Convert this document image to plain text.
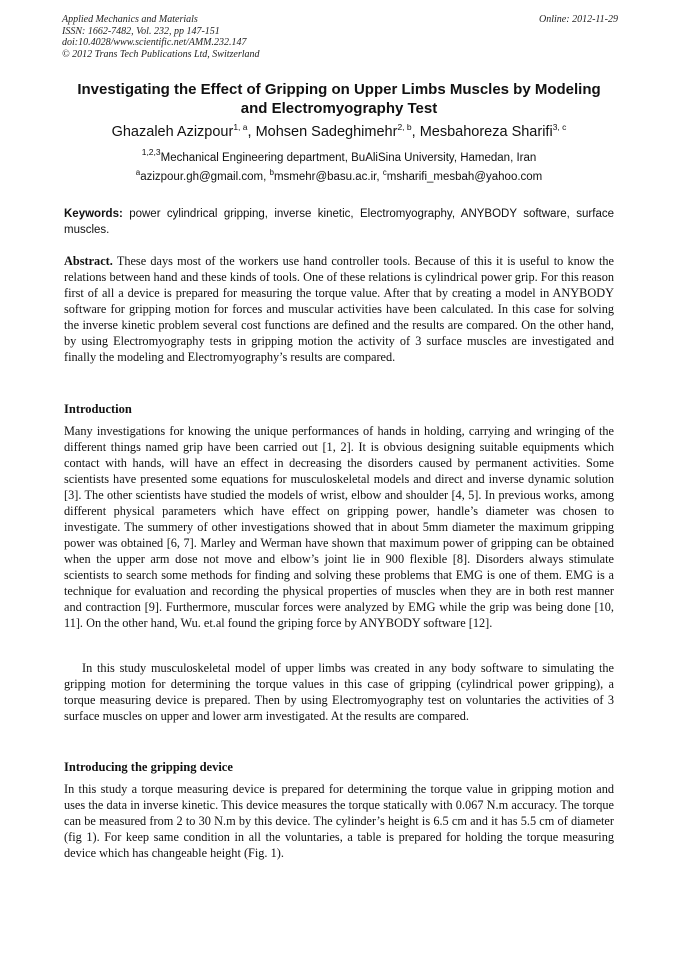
Applied Mechanics and Materials
ISSN: 1662-7482, Vol. 232, pp 147-151
doi:10.4028/www.scientific.net/AMM.232.147
© 2012 Trans Tech Publications Ltd, Switzerland
Online: 2012-11-29
Investigating the Effect of Gripping on Upper Limbs Muscles by Modeling and Electromyography Test
Ghazaleh Azizpour$^{1, a}$, Mohsen Sadeghimehr$^{2, b}$, Mesbahoreza Sharifi$^{3, c}$
$^{1,2,3}$Mechanical Engineering department, BuAliSina University, Hamedan, Iran
$^a$azizpour.gh@gmail.com, $^b$msmehr@basu.ac.ir, $^c$msharifi_mesbah@yahoo.com
Keywords: power cylindrical gripping, inverse kinetic, Electromyography, ANYBODY software, surface muscles.
Abstract. These days most of the workers use hand controller tools. Because of this it is useful to know the relations between hand and these kinds of tools. One of these relations is cylindrical power grip. For this reason first of all a device is prepared for measuring the torque value. After that by creating a model in ANYBODY software for gripping motion for forces and muscular activities have been calculated. In this case for solving the inverse kinetic problem several cost functions are defined and the results are compared. On the other hand, by using Electromyography tests in gripping motion the activity of 3 surface muscles are investigated and finally the modeling and Electromyography’s results are compared.
Introduction
Many investigations for knowing the unique performances of hands in holding, carrying and wringing of the different things named grip have been carried out [1, 2]. It is obvious designing suitable equipments which contact with hands, will have an effect in decreasing the disorders caused by permanent activities. Some scientists have presented some equations for musculoskeletal models and direct and inverse dynamic solution [3]. The other scientists have studied the models of wrist, elbow and shoulder [4, 5]. In previous works, among different physical parameters which have effect on gripping power, handle’s diameter was chosen to investigate. The summery of other investigations showed that in about 5mm diameter the maximum gripping power was obtained [6, 7]. Marley and Werman have shown that maximum power of gripping can be obtained when the upper arm dose not move and elbow’s joint lie in 900 flexible [8]. Disorders always stimulate scientists to search some methods for finding and solving these problems that EMG is one of them. EMG is a technique for evaluation and recording the physical properties of muscles when they are in both rest manner and contraction [9]. Furthermore, muscular forces were analyzed by EMG while the grip was being done [10, 11]. On the other hand, Wu. et.al found the griping force by ANYBODY software [12].
In this study musculoskeletal model of upper limbs was created in any body software to simulating the gripping motion for determining the torque values in this case of gripping (cylindrical power gripping), a torque measuring device is prepared. Then by using Electromyography test on voluntaries the activities of 3 surface muscles on upper and lower arm investigated. At the results are compared.
Introducing the gripping device
In this study a torque measuring device is prepared for determining the torque value in gripping motion and uses the data in inverse kinetic. This device measures the torque statically with 0.067 N.m accuracy. The torque can be measured from 2 to 30 N.m by this device. The cylinder’s height is 6.5 cm and it has 5.5 cm of diameter (fig 1). For keep same condition in all the voluntaries, a table is prepared for holding the torque measuring device which has changeable height (Fig. 1).
